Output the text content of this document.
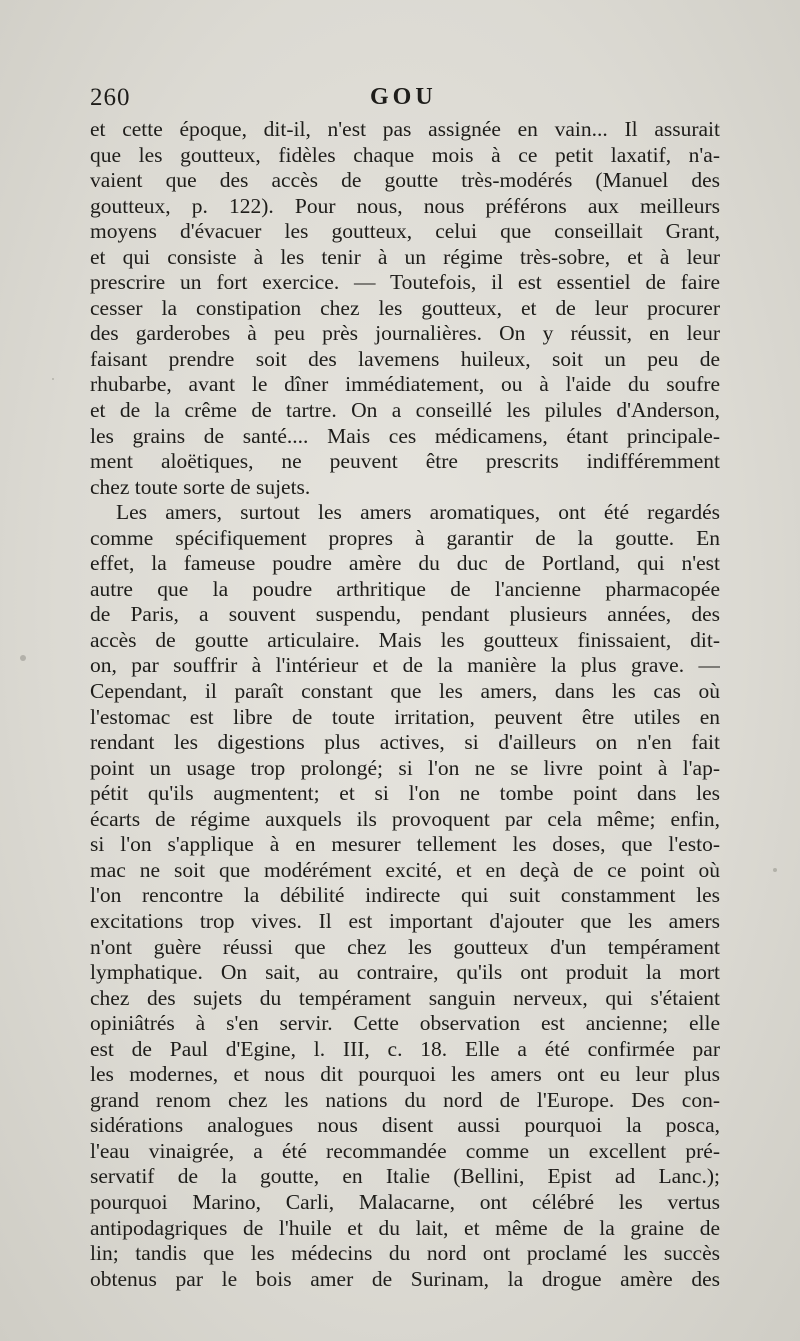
260	GOU
et cette époque, dit-il, n'est pas assignée en vain... Il assurait
que les goutteux, fidèles chaque mois à ce petit laxatif, n'a-
vaient que des accès de goutte très-modérés (Manuel des
goutteux, p. 122). Pour nous, nous préférons aux meilleurs
moyens d'évacuer les goutteux, celui que conseillait Grant,
et qui consiste à les tenir à un régime très-sobre, et à leur
prescrire un fort exercice. — Toutefois, il est essentiel de faire
cesser la constipation chez les goutteux, et de leur procurer
des garderobes à peu près journalières. On y réussit, en leur
faisant prendre soit des lavemens huileux, soit un peu de
rhubarbe, avant le dîner immédiatement, ou à l'aide du soufre
et de la crême de tartre. On a conseillé les pilules d'Anderson,
les grains de santé.... Mais ces médicamens, étant principale-
ment aloëtiques, ne peuvent être prescrits indifféremment
chez toute sorte de sujets.
Les amers, surtout les amers aromatiques, ont été regardés
comme spécifiquement propres à garantir de la goutte. En
effet, la fameuse poudre amère du duc de Portland, qui n'est
autre que la poudre arthritique de l'ancienne pharmacopée
de Paris, a souvent suspendu, pendant plusieurs années, des
accès de goutte articulaire. Mais les goutteux finissaient, dit-
on, par souffrir à l'intérieur et de la manière la plus grave. —
Cependant, il paraît constant que les amers, dans les cas où
l'estomac est libre de toute irritation, peuvent être utiles en
rendant les digestions plus actives, si d'ailleurs on n'en fait
point un usage trop prolongé; si l'on ne se livre point à l'ap-
pétit qu'ils augmentent; et si l'on ne tombe point dans les
écarts de régime auxquels ils provoquent par cela même; enfin,
si l'on s'applique à en mesurer tellement les doses, que l'esto-
mac ne soit que modérément excité, et en deçà de ce point où
l'on rencontre la débilité indirecte qui suit constamment les
excitations trop vives. Il est important d'ajouter que les amers
n'ont guère réussi que chez les goutteux d'un tempérament
lymphatique. On sait, au contraire, qu'ils ont produit la mort
chez des sujets du tempérament sanguin nerveux, qui s'étaient
opiniâtrés à s'en servir. Cette observation est ancienne; elle
est de Paul d'Egine, l. III, c. 18. Elle a été confirmée par
les modernes, et nous dit pourquoi les amers ont eu leur plus
grand renom chez les nations du nord de l'Europe. Des con-
sidérations analogues nous disent aussi pourquoi la posca,
l'eau vinaigrée, a été recommandée comme un excellent pré-
servatif de la goutte, en Italie (Bellini, Epist ad Lanc.);
pourquoi Marino, Carli, Malacarne, ont célébré les vertus
antipodagriques de l'huile et du lait, et même de la graine de
lin; tandis que les médecins du nord ont proclamé les succès
obtenus par le bois amer de Surinam, la drogue amère des
